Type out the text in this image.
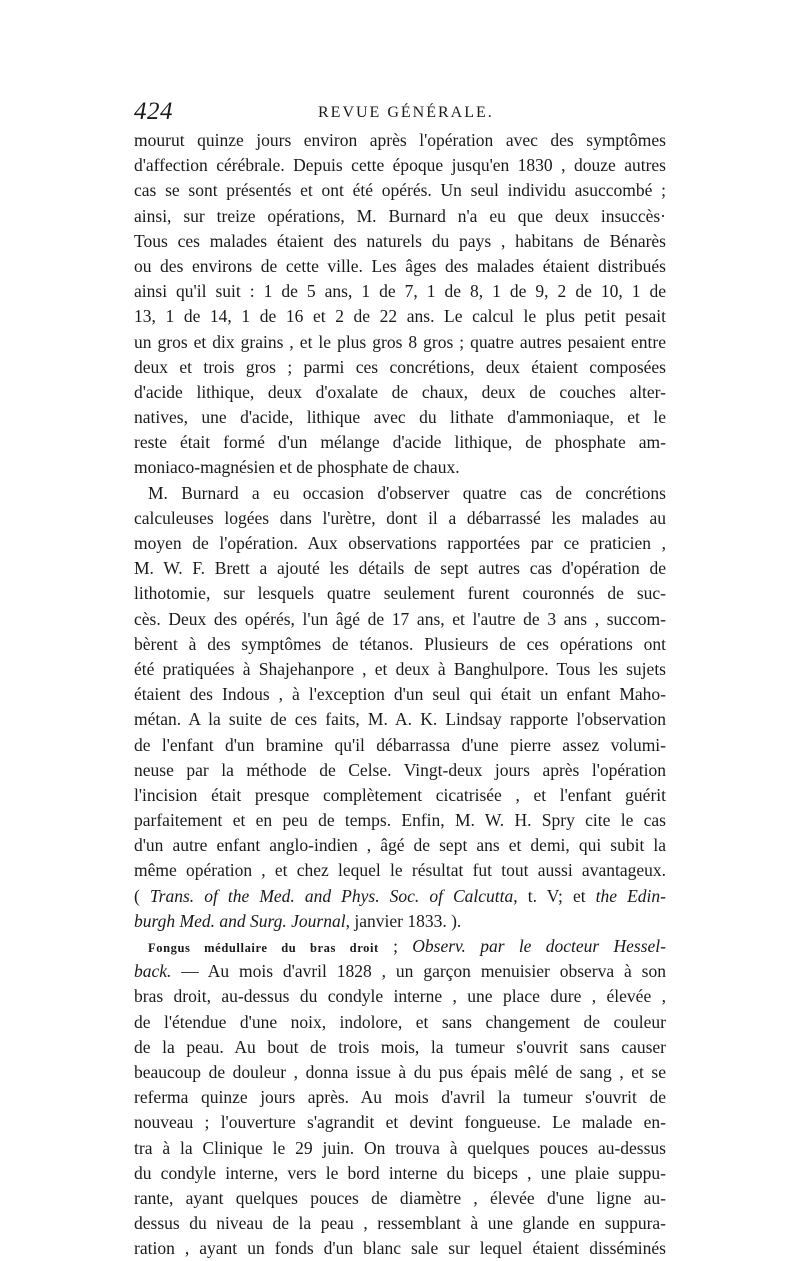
424	REVUE GÉNÉRALE.
mourut quinze jours environ après l'opération avec des symptômes
d'affection cérébrale. Depuis cette époque jusqu'en 1830 , douze autres
cas se sont présentés et ont été opérés. Un seul individu asuccombé ;
ainsi, sur treize opérations, M. Burnard n'a eu que deux insuccès·
Tous ces malades étaient des naturels du pays , habitans de Bénarès
ou des environs de cette ville. Les âges des malades étaient distribués
ainsi qu'il suit : 1 de 5 ans, 1 de 7, 1 de 8, 1 de 9, 2 de 10, 1 de
13, 1 de 14, 1 de 16 et 2 de 22 ans. Le calcul le plus petit pesait
un gros et dix grains , et le plus gros 8 gros ; quatre autres pesaient entre
deux et trois gros ; parmi ces concrétions, deux étaient composées
d'acide lithique, deux d'oxalate de chaux, deux de couches alter-
natives, une d'acide, lithique avec du lithate d'ammoniaque, et le
reste était formé d'un mélange d'acide lithique, de phosphate am-
moniaco-magnésien et de phosphate de chaux.
M. Burnard a eu occasion d'observer quatre cas de concrétions
calculeuses logées dans l'urètre, dont il a débarrassé les malades au
moyen de l'opération. Aux observations rapportées par ce praticien ,
M. W. F. Brett a ajouté les détails de sept autres cas d'opération de
lithotomie, sur lesquels quatre seulement furent couronnés de suc-
cès. Deux des opérés, l'un âgé de 17 ans, et l'autre de 3 ans , succom-
bèrent à des symptômes de tétanos. Plusieurs de ces opérations ont
été pratiquées à Shajehanpore , et deux à Banghulpore. Tous les sujets
étaient des Indous , à l'exception d'un seul qui était un enfant Maho-
métan. A la suite de ces faits, M. A. K. Lindsay rapporte l'observation
de l'enfant d'un bramine qu'il débarrassa d'une pierre assez volumi-
neuse par la méthode de Celse. Vingt-deux jours après l'opération
l'incision était presque complètement cicatrisée , et l'enfant guérit
parfaitement et en peu de temps. Enfin, M. W. H. Spry cite le cas
d'un autre enfant anglo-indien , âgé de sept ans et demi, qui subit la
même opération , et chez lequel le résultat fut tout aussi avantageux.
( Trans. of the Med. and Phys. Soc. of Calcutta, t. V; et the Edin-
burgh Med. and Surg. Journal, janvier 1833. ).
Fongus médullaire du bras droit ; Observ. par le docteur Hessel-
back. — Au mois d'avril 1828 , un garçon menuisier observa à son
bras droit, au-dessus du condyle interne , une place dure , élevée ,
de l'étendue d'une noix, indolore, et sans changement de couleur
de la peau. Au bout de trois mois, la tumeur s'ouvrit sans causer
beaucoup de douleur , donna issue à du pus épais mêlé de sang , et se
referma quinze jours après. Au mois d'avril la tumeur s'ouvrit de
nouveau ; l'ouverture s'agrandit et devint fongueuse. Le malade en-
tra à la Clinique le 29 juin. On trouva à quelques pouces au-dessus
du condyle interne, vers le bord interne du biceps , une plaie suppu-
rante, ayant quelques pouces de diamètre , élevée d'une ligne au-
dessus du niveau de la peau , ressemblant à une glande en suppura-
ration , ayant un fonds d'un blanc sale sur lequel étaient disséminés
